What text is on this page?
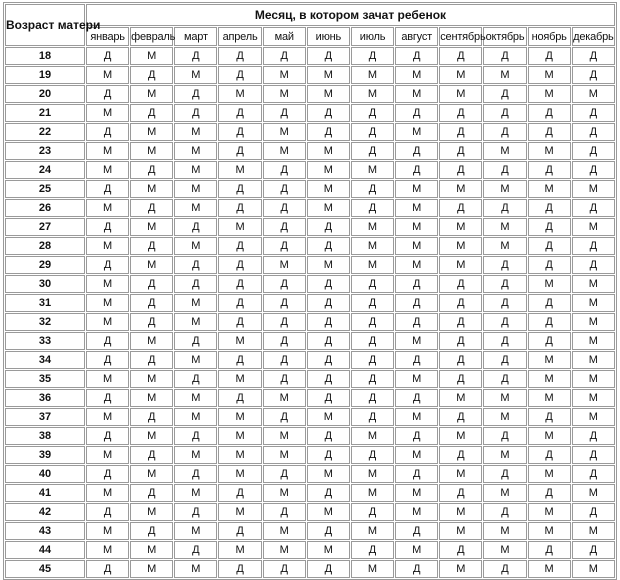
Возраст матери	Месяц, в котором зачат ребенок											
	январь	февраль	март	апрель	май	июнь	июль	август	сентябрь	октябрь	ноябрь	декабрь
18	Д	М	Д	Д	Д	Д	Д	Д	Д	Д	Д	Д
19	М	Д	М	Д	М	М	М	М	М	М	М	Д
20	Д	М	Д	М	М	М	М	М	М	Д	М	М
21	М	Д	Д	Д	Д	Д	Д	Д	Д	Д	Д	Д
22	Д	М	М	Д	М	Д	Д	М	Д	Д	Д	Д
23	М	М	М	Д	М	М	Д	Д	Д	М	М	Д
24	М	Д	М	М	Д	М	М	Д	Д	Д	Д	Д
25	Д	М	М	Д	Д	М	Д	М	М	М	М	М
26	М	Д	М	Д	Д	М	Д	М	Д	Д	Д	Д
27	Д	М	Д	М	Д	Д	М	М	М	М	Д	М
28	М	Д	М	Д	Д	Д	М	М	М	М	Д	Д
29	Д	М	Д	Д	М	М	М	М	М	Д	Д	Д
30	М	Д	Д	Д	Д	Д	Д	Д	Д	Д	М	М
31	М	Д	М	Д	Д	Д	Д	Д	Д	Д	Д	М
32	М	Д	М	Д	Д	Д	Д	Д	Д	Д	Д	М
33	Д	М	Д	М	Д	Д	Д	М	Д	Д	Д	М
34	Д	Д	М	Д	Д	Д	Д	Д	Д	Д	М	М
35	М	М	Д	М	Д	Д	Д	М	Д	Д	М	М
36	Д	М	М	Д	М	Д	Д	Д	М	М	М	М
37	М	Д	М	М	Д	М	Д	М	Д	М	Д	М
38	Д	М	Д	М	М	Д	М	Д	М	Д	М	Д
39	М	Д	М	М	М	Д	Д	М	Д	М	Д	Д
40	Д	М	Д	М	Д	М	М	Д	М	Д	М	Д
41	М	Д	М	Д	М	Д	М	М	Д	М	Д	М
42	Д	М	Д	М	Д	М	Д	М	М	Д	М	Д
43	М	Д	М	Д	М	Д	М	Д	М	М	М	М
44	М	М	Д	М	М	М	Д	М	Д	М	Д	Д
45	Д	М	М	Д	Д	Д	М	Д	М	Д	М	М
